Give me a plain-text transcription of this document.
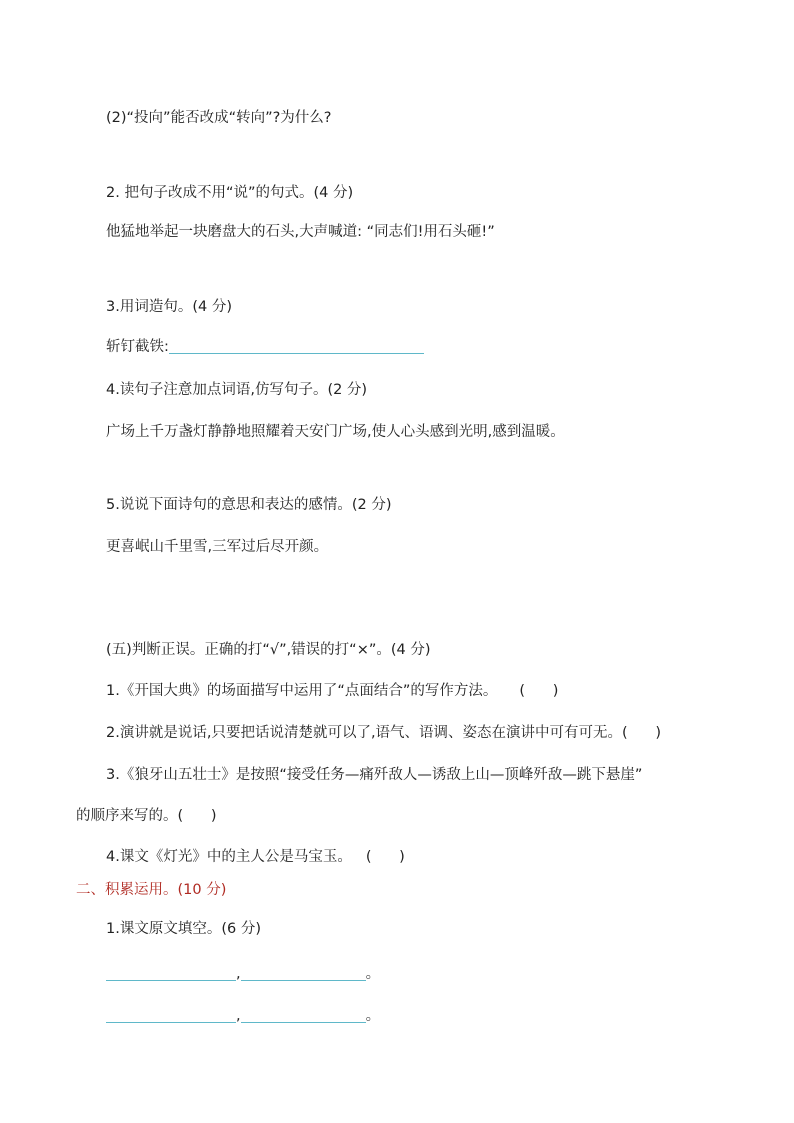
(2)“投向”能否改成“转向”?为什么?
2. 把句子改成不用“说”的句式。(4 分)
他猛地举起一块磨盘大的石头,大声喊道: “同志们!用石头砸!”
3.用词造句。(4 分)
斩钉截铁:
4.读句子注意加点词语,仿写句子。(2 分)
广场上千万盏灯静静地照耀着天安门广场,使人心头感到光明,感到温暖。
5.说说下面诗句的意思和表达的感情。(2 分)
更喜岷山千里雪,三军过后尽开颜。
(五)判断正误。正确的打“√”,错误的打“×”。(4 分)
1.《开国大典》的场面描写中运用了“点面结合”的写作方法。 ( )
2.演讲就是说话,只要把话说清楚就可以了,语气、语调、姿态在演讲中可有可无。( )
3.《狼牙山五壮士》是按照“接受任务—痛歼敌人—诱敌上山—顶峰歼敌—跳下悬崖”
的顺序来写的。( )
4.课文《灯光》中的主人公是马宝玉。 ( )
二、积累运用。(10 分)
1.课文原文填空。(6 分)
,	。
,	。
